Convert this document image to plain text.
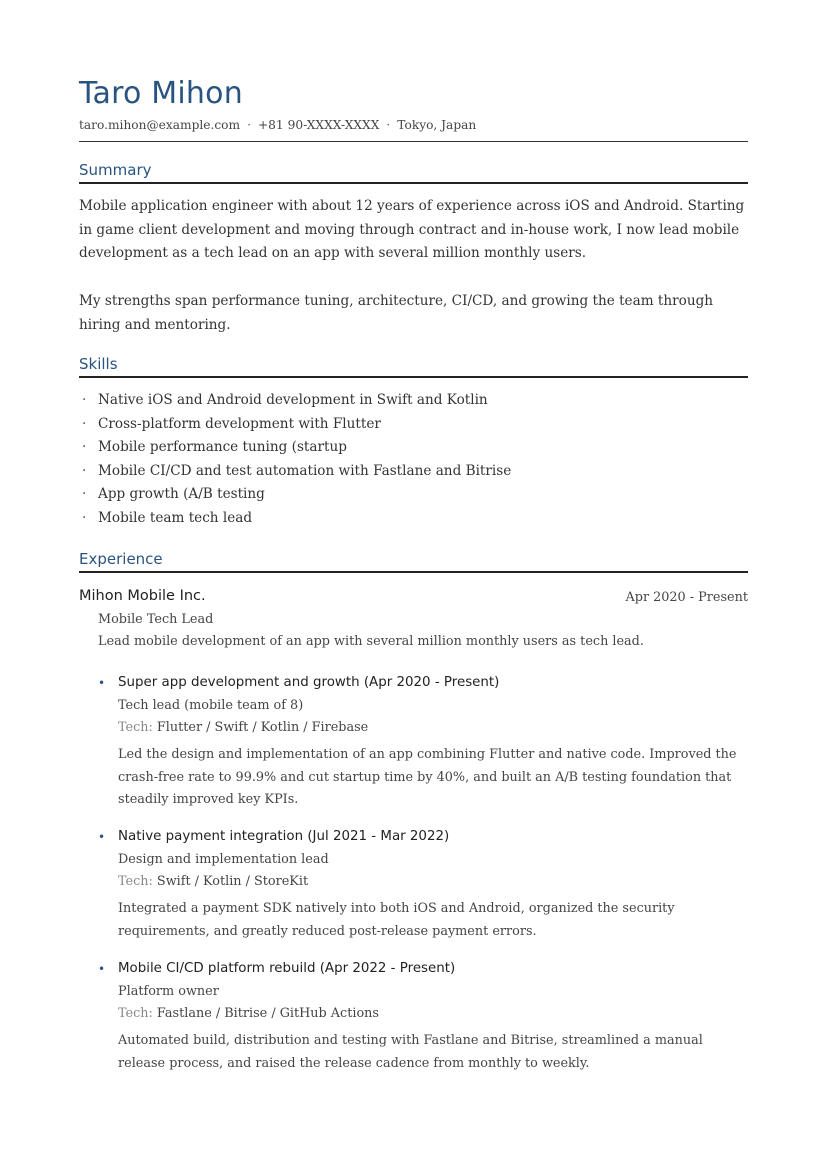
Taro Mihon
taro.mihon@example.com · +81 90-XXXX-XXXX · Tokyo, Japan
Summary

Mobile application engineer with about 12 years of experience across iOS and Android. Starting in game client development and moving through contract and in-house work, I now lead mobile development as a tech lead on an app with several million monthly users.

My strengths span performance tuning, architecture, CI/CD, and growing the team through hiring and mentoring.

Skills
· Native iOS and Android development in Swift and Kotlin
· Cross-platform development with Flutter
· Mobile performance tuning (startup
· Mobile CI/CD and test automation with Fastlane and Bitrise
· App growth (A/B testing
· Mobile team tech lead
Experience
Mihon Mobile Inc.	Apr 2020 - Present
Mobile Tech Lead
Lead mobile development of an app with several million monthly users as tech lead.
• Super app development and growth (Apr 2020 - Present)
Tech lead (mobile team of 8)
Tech: Flutter / Swift / Kotlin / Firebase
Led the design and implementation of an app combining Flutter and native code. Improved the crash-free rate to 99.9% and cut startup time by 40%, and built an A/B testing foundation that steadily improved key KPIs.
• Native payment integration (Jul 2021 - Mar 2022)
Design and implementation lead
Tech: Swift / Kotlin / StoreKit
Integrated a payment SDK natively into both iOS and Android, organized the security requirements, and greatly reduced post-release payment errors.
• Mobile CI/CD platform rebuild (Apr 2022 - Present)
Platform owner
Tech: Fastlane / Bitrise / GitHub Actions
Automated build, distribution and testing with Fastlane and Bitrise, streamlined a manual release process, and raised the release cadence from monthly to weekly.
